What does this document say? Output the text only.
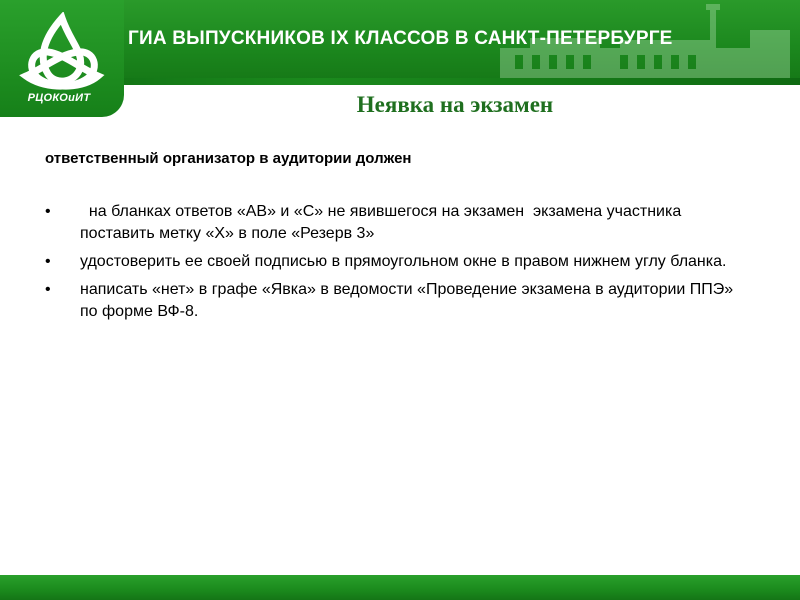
ГИА ВЫПУСКНИКОВ IX КЛАССОВ В САНКТ-ПЕТЕРБУРГЕ
РЦОКОиИТ	Неявка на экзамен

ответственный организатор в аудитории должен

• на бланках ответов «АВ» и «С» не явившегося на экзамен  экзамена участника поставить метку «Х» в поле «Резерв 3»
• удостоверить ее своей подписью в прямоугольном окне в правом нижнем углу бланка.
• написать «нет» в графе «Явка» в ведомости «Проведение экзамена в аудитории ППЭ» по форме ВФ-8.
